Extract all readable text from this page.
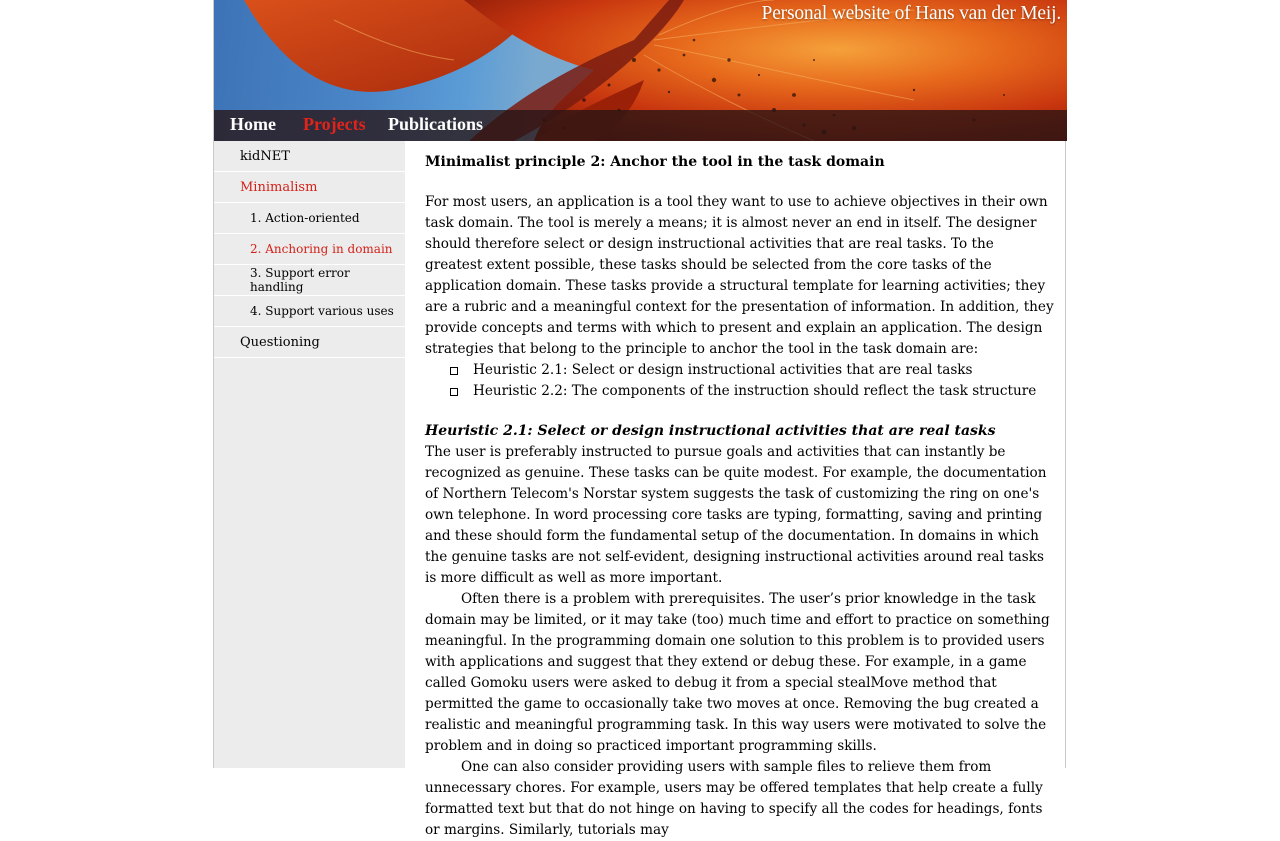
Personal website of Hans van der Meij.
Home Projects Publications
kidNET
Minimalism
1. Action-oriented
2. Anchoring in domain
3. Support error handling
4. Support various uses
Questioning
Minimalist principle 2: Anchor the tool in the task domain

For most users, an application is a tool they want to use to achieve objectives in their own task domain. The tool is merely a means; it is almost never an end in itself. The designer should therefore select or design instructional activities that are real tasks. To the greatest extent possible, these tasks should be selected from the core tasks of the application domain. These tasks provide a structural template for learning activities; they are a rubric and a meaningful context for the presentation of information. In addition, they provide concepts and terms with which to present and explain an application. The design strategies that belong to the principle to anchor the tool in the task domain are:

Heuristic 2.1: Select or design instructional activities that are real tasks
Heuristic 2.2: The components of the instruction should reflect the task structure
Heuristic 2.1: Select or design instructional activities that are real tasks

The user is preferably instructed to pursue goals and activities that can instantly be recognized as genuine. These tasks can be quite modest. For example, the documentation of Northern Telecom's Norstar system suggests the task of customizing the ring on one's own telephone. In word processing core tasks are typing, formatting, saving and printing and these should form the fundamental setup of the documentation. In domains in which the genuine tasks are not self-evident, designing instructional activities around real tasks is more difficult as well as more important.

Often there is a problem with prerequisites. The user’s prior knowledge in the task domain may be limited, or it may take (too) much time and effort to practice on something meaningful. In the programming domain one solution to this problem is to provided users with applications and suggest that they extend or debug these. For example, in a game called Gomoku users were asked to debug it from a special stealMove method that permitted the game to occasionally take two moves at once. Removing the bug created a realistic and meaningful programming task. In this way users were motivated to solve the problem and in doing so practiced important programming skills.

One can also consider providing users with sample files to relieve them from unnecessary chores. For example, users may be offered templates that help create a fully formatted text but that do not hinge on having to specify all the codes for headings, fonts or margins. Similarly, tutorials may
